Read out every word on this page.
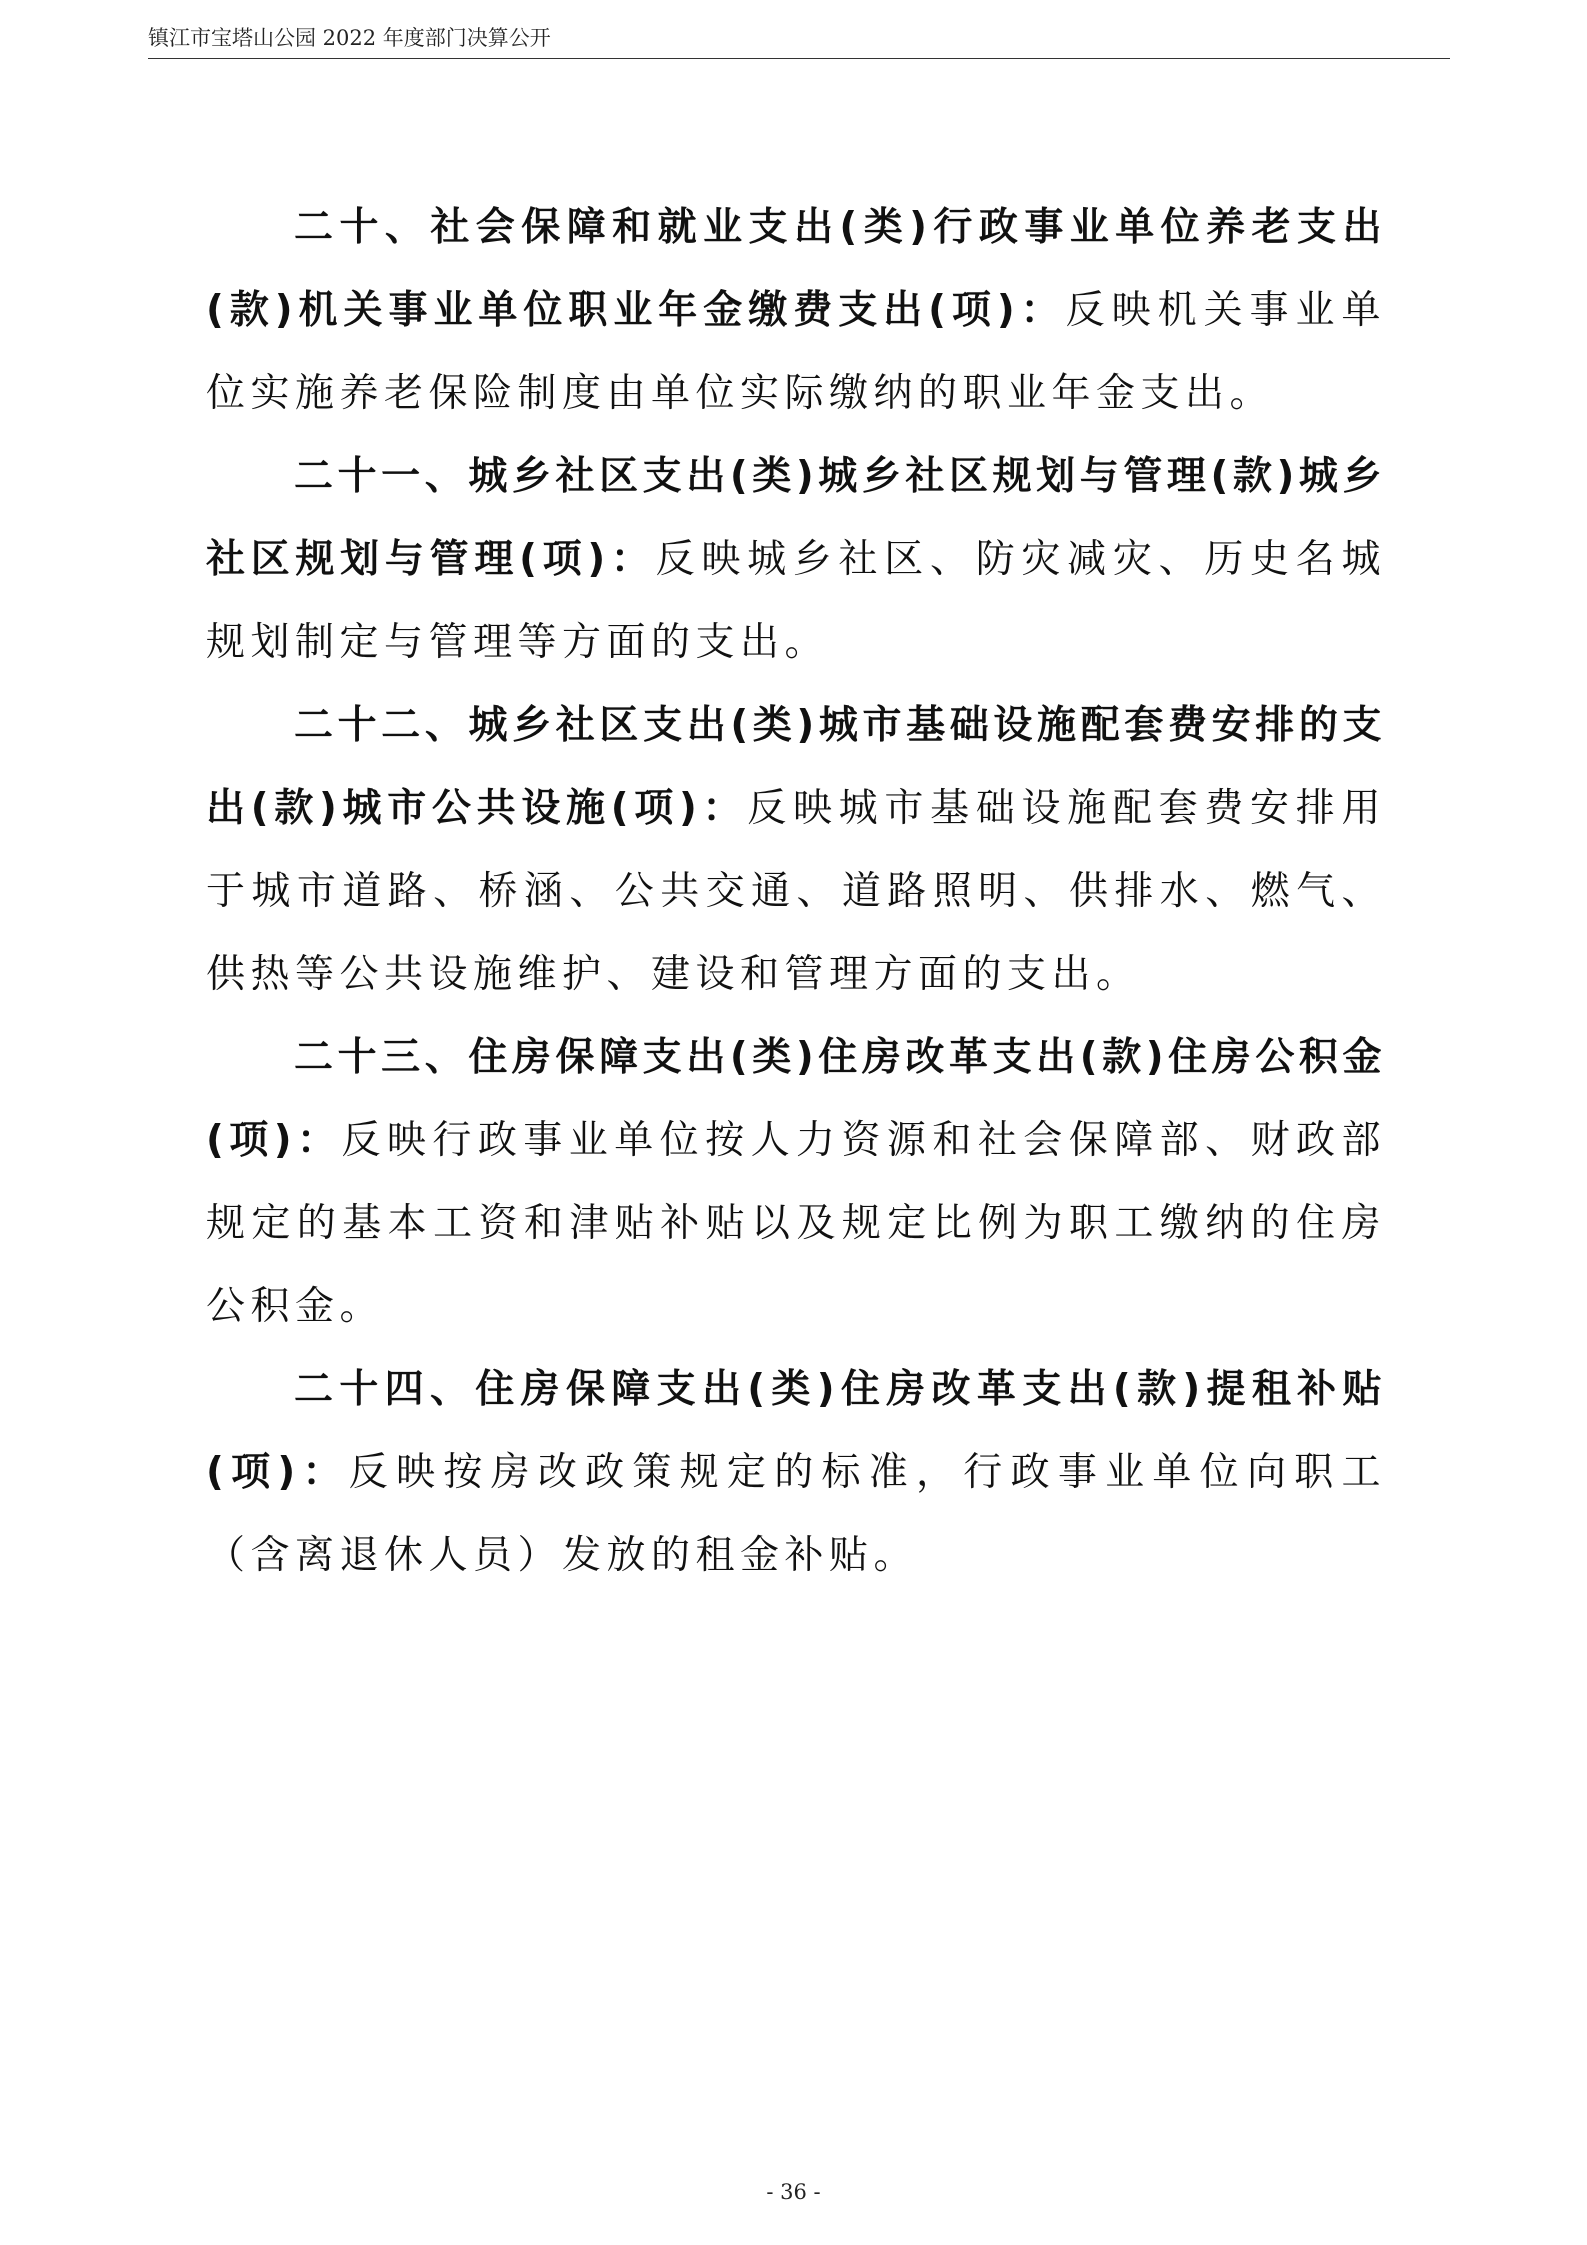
镇江市宝塔山公园 2022 年度部门决算公开

二十、社会保障和就业支出(类)行政事业单位养老支出(款)机关事业单位职业年金缴费支出(项)：反映机关事业单位实施养老保险制度由单位实际缴纳的职业年金支出。

二十一、城乡社区支出(类)城乡社区规划与管理(款)城乡社区规划与管理(项)：反映城乡社区、防灾减灾、历史名城规划制定与管理等方面的支出。

二十二、城乡社区支出(类)城市基础设施配套费安排的支出(款)城市公共设施(项)：反映城市基础设施配套费安排用于城市道路、桥涵、公共交通、道路照明、供排水、燃气、供热等公共设施维护、建设和管理方面的支出。

二十三、住房保障支出(类)住房改革支出(款)住房公积金(项)：反映行政事业单位按人力资源和社会保障部、财政部规定的基本工资和津贴补贴以及规定比例为职工缴纳的住房公积金。

二十四、住房保障支出(类)住房改革支出(款)提租补贴(项)：反映按房改政策规定的标准，行政事业单位向职工（含离退休人员）发放的租金补贴。

- 36 -
